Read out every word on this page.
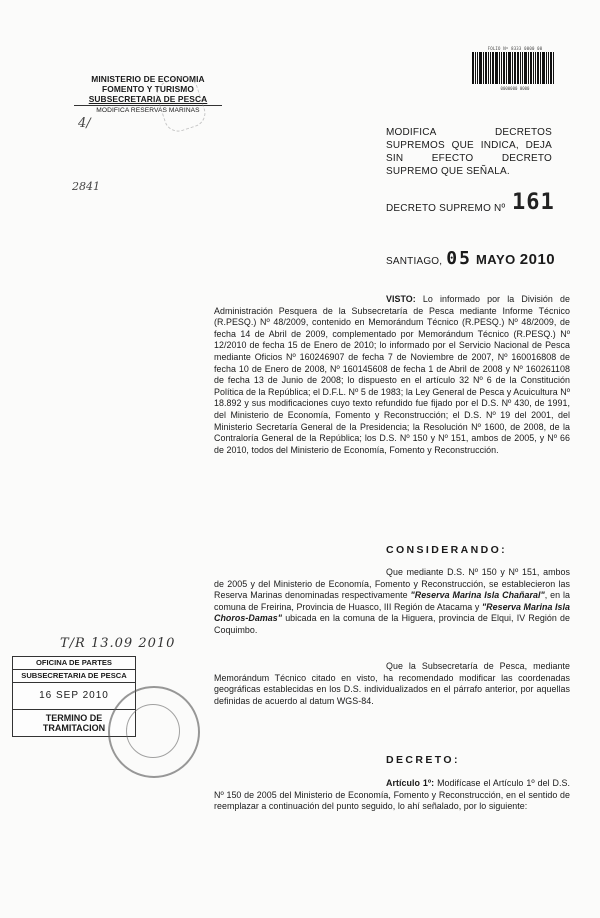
FOLIO Nº 8333 0000 00
0000000 0000
MINISTERIO DE ECONOMIA
FOMENTO Y TURISMO
SUBSECRETARIA DE PESCA
MODIFICA RESERVAS MARINAS
4/
2841
MODIFICA DECRETOS SUPREMOS QUE INDICA, DEJA SIN EFECTO DECRETO SUPREMO QUE SEÑALA.
DECRETO SUPREMO Nº 161
SANTIAGO, 05 MAYO 2010
VISTO: Lo informado por la División de Administración Pesquera de la Subsecretaría de Pesca mediante Informe Técnico (R.PESQ.) Nº 48/2009, contenido en Memorándum Técnico (R.PESQ.) Nº 48/2009, de fecha 14 de Abril de 2009, complementado por Memorándum Técnico (R.PESQ.) Nº 12/2010 de fecha 15 de Enero de 2010; lo informado por el Servicio Nacional de Pesca mediante Oficios Nº 160246907 de fecha 7 de Noviembre de 2007, Nº 160016808 de fecha 10 de Enero de 2008, Nº 160145608 de fecha 1 de Abril de 2008 y Nº 160261108 de fecha 13 de Junio de 2008; lo dispuesto en el artículo 32 Nº 6 de la Constitución Política de la República; el D.F.L. Nº 5 de 1983; la Ley General de Pesca y Acuicultura Nº 18.892 y sus modificaciones cuyo texto refundido fue fijado por el D.S. Nº 430, de 1991, del Ministerio de Economía, Fomento y Reconstrucción; el D.S. Nº 19 del 2001, del Ministerio Secretaría General de la Presidencia; la Resolución Nº 1600, de 2008, de la Contraloría General de la República; los D.S. Nº 150 y Nº 151, ambos de 2005, y Nº 66 de 2010, todos del Ministerio de Economía, Fomento y Reconstrucción.
CONSIDERANDO:
Que mediante D.S. Nº 150 y Nº 151, ambos de 2005 y del Ministerio de Economía, Fomento y Reconstrucción, se establecieron las Reserva Marinas denominadas respectivamente "Reserva Marina Isla Chañaral", en la comuna de Freirina, Provincia de Huasco, III Región de Atacama y "Reserva Marina Isla Choros-Damas" ubicada en la comuna de la Higuera, provincia de Elqui, IV Región de Coquimbo.
Que la Subsecretaría de Pesca, mediante Memorándum Técnico citado en visto, ha recomendado modificar las coordenadas geográficas establecidas en los D.S. individualizados en el párrafo anterior, por aquellas definidas de acuerdo al datum WGS-84.
DECRETO:
Artículo 1º: Modifícase el Artículo 1º del D.S. Nº 150 de 2005 del Ministerio de Economía, Fomento y Reconstrucción, en el sentido de reemplazar a continuación del punto seguido, lo ahí señalado, por lo siguiente:
T/R 13.09 2010
OFICINA DE PARTES
SUBSECRETARIA DE PESCA
16 SEP 2010
TERMINO DE TRAMITACION
